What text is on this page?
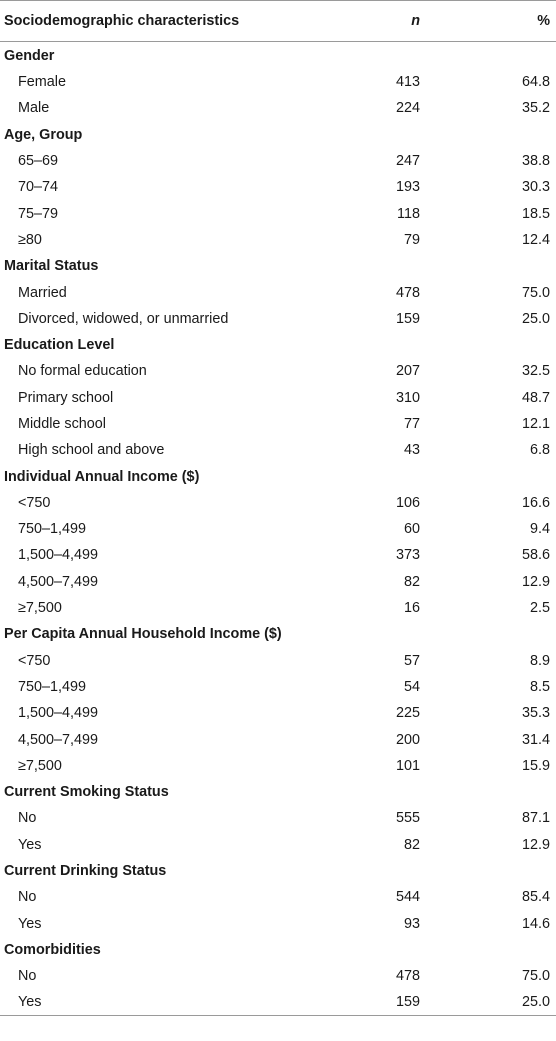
Sociodemographic characteristics	n	%
Gender		
Female	413	64.8
Male	224	35.2
Age, Group		
65–69	247	38.8
70–74	193	30.3
75–79	118	18.5
≥80	79	12.4
Marital Status		
Married	478	75.0
Divorced, widowed, or unmarried	159	25.0
Education Level		
No formal education	207	32.5
Primary school	310	48.7
Middle school	77	12.1
High school and above	43	6.8
Individual Annual Income ($)		
<750	106	16.6
750–1,499	60	9.4
1,500–4,499	373	58.6
4,500–7,499	82	12.9
≥7,500	16	2.5
Per Capita Annual Household Income ($)		
<750	57	8.9
750–1,499	54	8.5
1,500–4,499	225	35.3
4,500–7,499	200	31.4
≥7,500	101	15.9
Current Smoking Status		
No	555	87.1
Yes	82	12.9
Current Drinking Status		
No	544	85.4
Yes	93	14.6
Comorbidities		
No	478	75.0
Yes	159	25.0
